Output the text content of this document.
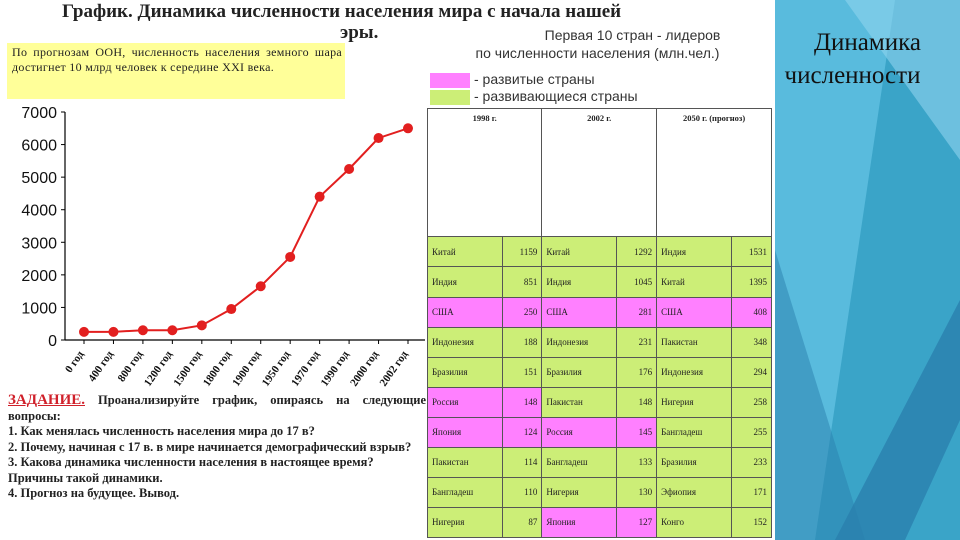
График. Динамика численности населения мира с начала нашей
эры.	Первая 10 стран - лидеров
по численности населения (млн.чел.)
По прогнозам ООН, численность населения земного шара достигнет 10 млрд человек к середине XXI века.
- развитые страны
- развивающиеся страны
0
1000
2000
3000
4000
5000
6000
7000
0 год 400 год 800 год
1200 год
1500 год
1800 год
1900 год
1950 год
1970 год
1990 год
2000 год
2002 год

ЗАДАНИЕ. Проанализируйте график, опираясь на следующие вопросы:

1. Как менялась численность населения мира до 17 в?

2. Почему, начиная с 17 в. в мире начинается демографический взрыв?

3. Какова динамика численности населения в настоящее время? Причины такой динамики.

4. Прогноз на будущее. Вывод.

1998 г.		2002 г.		2050 г. (прогноз)	
Китай	1159	Китай	1292	Индия	1531
Индия	851	Индия	1045	Китай	1395
США	250	США	281	США	408
Индонезия	188	Индонезия	231	Пакистан	348
Бразилия	151	Бразилия	176	Индонезия	294
Россия	148	Пакистан	148	Нигерия	258
Япония	124	Россия	145	Бангладеш	255
Пакистан	114	Бангладеш	133	Бразилия	233
Бангладеш	110	Нигерия	130	Эфиопия	171
Нигерия	87	Япония	127	Конго	152
Динамика
численности
